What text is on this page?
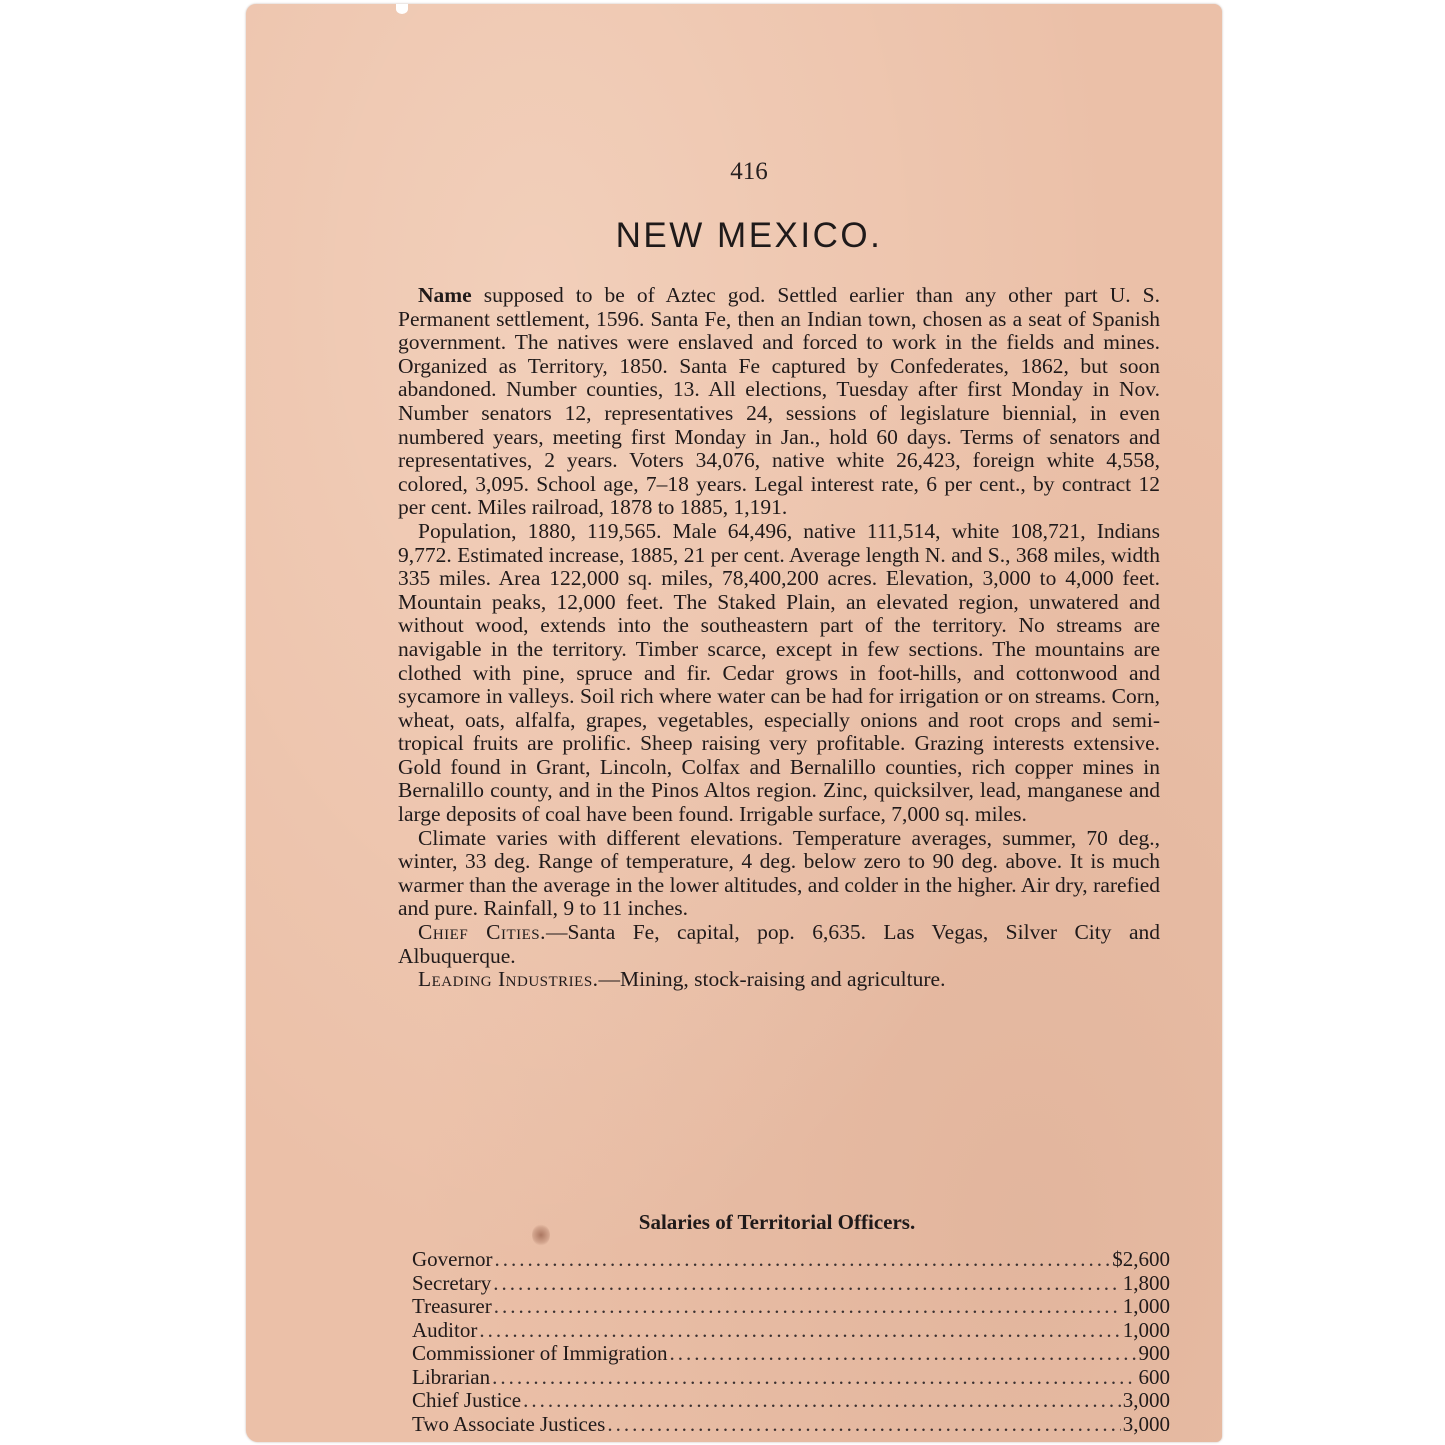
416
NEW MEXICO.

Name supposed to be of Aztec god. Settled earlier than any other part U. S. Permanent settlement, 1596. Santa Fe, then an Indian town, chosen as a seat of Spanish government. The natives were enslaved and forced to work in the fields and mines. Organized as Territory, 1850. Santa Fe captured by Confederates, 1862, but soon abandoned. Number counties, 13. All elections, Tuesday after first Monday in Nov. Number senators 12, representatives 24, sessions of legislature biennial, in even numbered years, meeting first Monday in Jan., hold 60 days. Terms of senators and representatives, 2 years. Voters 34,076, native white 26,423, foreign white 4,558, colored, 3,095. School age, 7–18 years. Legal interest rate, 6 per cent., by contract 12 per cent. Miles railroad, 1878 to 1885, 1,191.

Population, 1880, 119,565. Male 64,496, native 111,514, white 108,721, Indians 9,772. Estimated increase, 1885, 21 per cent. Average length N. and S., 368 miles, width 335 miles. Area 122,000 sq. miles, 78,400,200 acres. Elevation, 3,000 to 4,000 feet. Mountain peaks, 12,000 feet. The Staked Plain, an elevated region, unwatered and without wood, extends into the southeastern part of the territory. No streams are navigable in the territory. Timber scarce, except in few sections. The mountains are clothed with pine, spruce and fir. Cedar grows in foot-hills, and cottonwood and sycamore in valleys. Soil rich where water can be had for irrigation or on streams. Corn, wheat, oats, alfalfa, grapes, vegetables, especially onions and root crops and semi-tropical fruits are prolific. Sheep raising very profitable. Grazing interests extensive. Gold found in Grant, Lincoln, Colfax and Bernalillo counties, rich copper mines in Bernalillo county, and in the Pinos Altos region. Zinc, quicksilver, lead, manganese and large deposits of coal have been found. Irrigable surface, 7,000 sq. miles.

Climate varies with different elevations. Temperature averages, summer, 70 deg., winter, 33 deg. Range of temperature, 4 deg. below zero to 90 deg. above. It is much warmer than the average in the lower altitudes, and colder in the higher. Air dry, rarefied and pure. Rainfall, 9 to 11 inches.

Chief Cities.—Santa Fe, capital, pop. 6,635. Las Vegas, Silver City and Albuquerque.

Leading Industries.—Mining, stock-raising and agriculture.

Salaries of Territorial Officers.
Governor .....	$2,600
Secretary .....	1,800
Treasurer .....	1,000
Auditor .....	1,000
Commissioner of Immigration .....	900
Librarian .....	600
Chief Justice .....	3,000
Two Associate Justices .....	3,000
